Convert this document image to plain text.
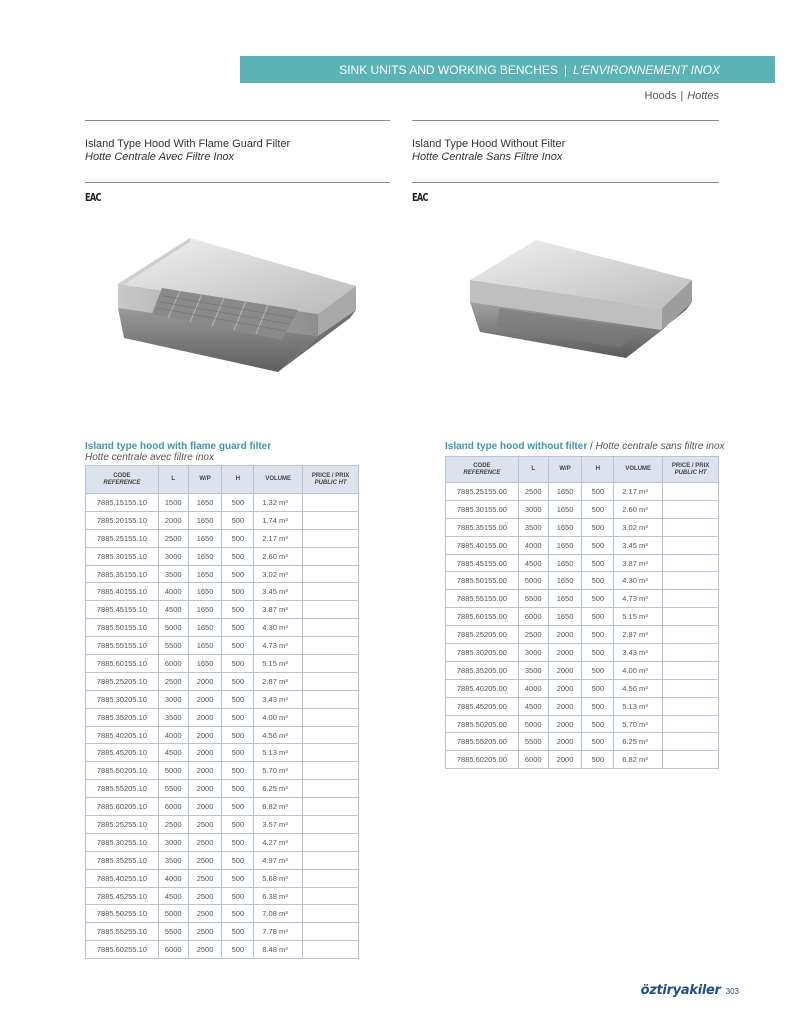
SINK UNITS AND WORKING BENCHES | L'ENVIRONNEMENT INOX
Hoods | Hottes
Island Type Hood With Flame Guard Filter
Hotte Centrale Avec Filtre Inox
Island Type Hood Without Filter
Hotte Centrale Sans Filtre Inox
EAC	EAC
Island type hood with flame guard filter
Hotte centrale avec filtre inox
Island type hood without filter / Hotte centrale sans filtre inox
CODE
REFERENCE	L	W/P	H	VOLUME	PRICE / PRIX
PUBLIC HT
7885.15155.10	1500	1650	500	1.32 m³	
7885.20155.10	2000	1650	500	1.74 m³	
7885.25155.10	2500	1650	500	2.17 m³	
7885.30155.10	3000	1650	500	2.60 m³	
7885.35155.10	3500	1650	500	3.02 m³	
7885.40155.10	4000	1650	500	3.45 m³	
7885.45155.10	4500	1650	500	3.87 m³	
7885.50155.10	5000	1650	500	4.30 m³	
7885.55155.10	5500	1650	500	4.73 m³	
7885.60155.10	6000	1650	500	5.15 m³	
7885.25205.10	2500	2000	500	2.87 m³	
7885.30205.10	3000	2000	500	3.43 m³	
7885.35205.10	3500	2000	500	4.00 m³	
7885.40205.10	4000	2000	500	4.56 m³	
7885.45205.10	4500	2000	500	5.13 m³	
7885.50205.10	5000	2000	500	5.70 m³	
7885.55205.10	5500	2000	500	6.25 m³	
7885.60205.10	6000	2000	500	6.82 m³	
7885.25255.10	2500	2500	500	3.57 m³	
7885.30255.10	3000	2500	500	4.27 m³	
7885.35255.10	3500	2500	500	4.97 m³	
7885.40255.10	4000	2500	500	5.68 m³	
7885.45255.10	4500	2500	500	6.38 m³	
7885.50255.10	5000	2500	500	7.08 m³	
7885.55255.10	5500	2500	500	7.78 m³	
7885.60255.10	6000	2500	500	8.48 m³	
CODE
REFERENCE	L	W/P	H	VOLUME	PRICE / PRIX
PUBLIC HT
7885.25155.00	2500	1650	500	2.17 m³	
7885.30155.00	3000	1650	500	2.60 m³	
7885.35155.00	3500	1650	500	3.02 m³	
7885.40155.00	4000	1650	500	3.45 m³	
7885.45155.00	4500	1650	500	3.87 m³	
7885.50155.00	5000	1650	500	4.30 m³	
7885.55155.00	5500	1650	500	4.73 m³	
7885.60155.00	6000	1650	500	5.15 m³	
7885.25205.00	2500	2000	500	2.87 m³	
7885.30205.00	3000	2000	500	3.43 m³	
7885.35205.00	3500	2000	500	4.00 m³	
7885.40205.00	4000	2000	500	4.56 m³	
7885.45205.00	4500	2000	500	5.13 m³	
7885.50205.00	5000	2000	500	5.70 m³	
7885.55205.00	5500	2000	500	6.25 m³	
7885.60205.00	6000	2000	500	6.82 m³	
öztiryakiler 303
